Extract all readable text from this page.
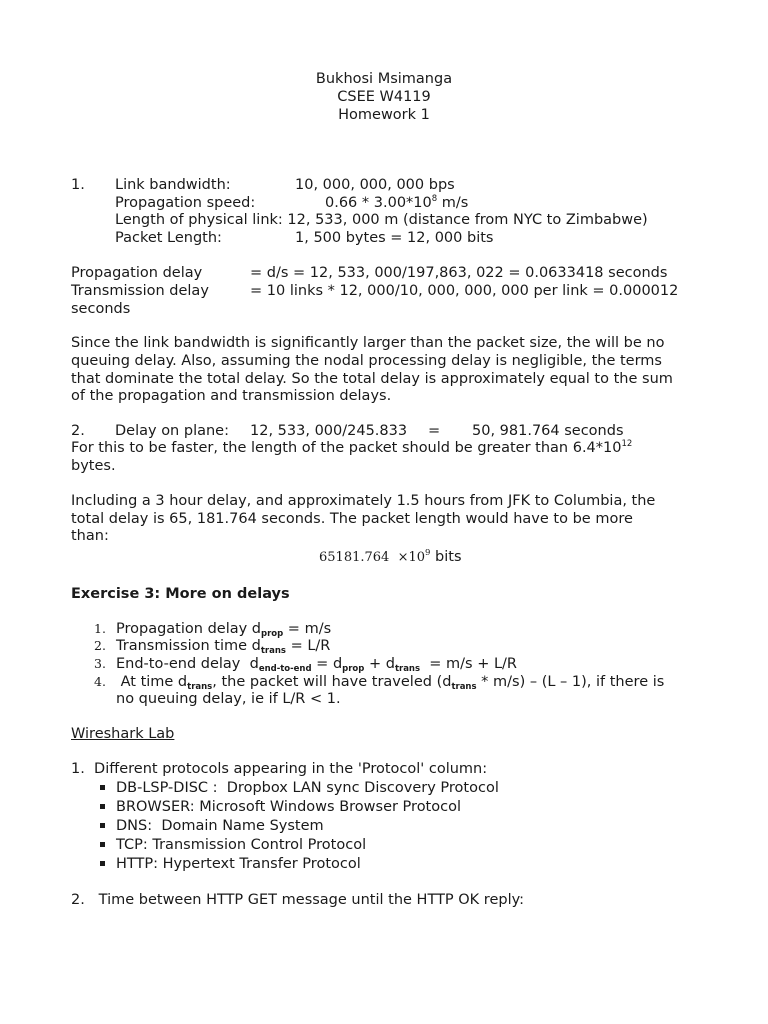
Bukhosi Msimanga
CSEE W4119
Homework 1
1. Link bandwidth:	10, 000, 000, 000 bps
Propagation speed:	$0.66 * 3.00*10^8$ m/s
Length of physical link: 12, 533, 000 m (distance from NYC to Zimbabwe)
Packet Length:	1, 500 bytes = 12, 000 bits
Propagation delay	= d/s = 12, 533, 000/197,863, 022 = 0.0633418 seconds
Transmission delay	= 10 links * 12, 000/10, 000, 000, 000 per link = 0.000012
seconds
Since the link bandwidth is significantly larger than the packet size, the will be no
queuing delay. Also, assuming the nodal processing delay is negligible, the terms
that dominate the total delay. So the total delay is approximately equal to the sum
of the propagation and transmission delays.
2. Delay on plane: 12, 533, 000/245.833 = 50, 981.764 seconds
For this to be faster, the length of the packet should be greater than $6.4*10^{12}$
bytes.
Including a 3 hour delay, and approximately 1.5 hours from JFK to Columbia, the
total delay is 65, 181.764 seconds. The packet length would have to be more
than:
$65181.764 \times 10^9$ bits
Exercise 3: More on delays
1. Propagation delay $d_{prop} = m/s$
2. Transmission time $d_{trans} = L/R$
3. End-to-end delay  $d_{end-to-end} = d_{prop} + d_{trans} = m/s + L/R$
4. At time $d_{trans}$, the packet will have traveled $(d_{trans} * m/s) - (L - 1)$, if there is
no queuing delay, ie if L/R < 1.
Wireshark Lab
1.  Different protocols appearing in the 'Protocol' column:
DB-LSP-DISC :  Dropbox LAN sync Discovery Protocol
BROWSER: Microsoft Windows Browser Protocol
DNS:  Domain Name System
TCP: Transmission Control Protocol
HTTP: Hypertext Transfer Protocol
2.   Time between HTTP GET message until the HTTP OK reply:
